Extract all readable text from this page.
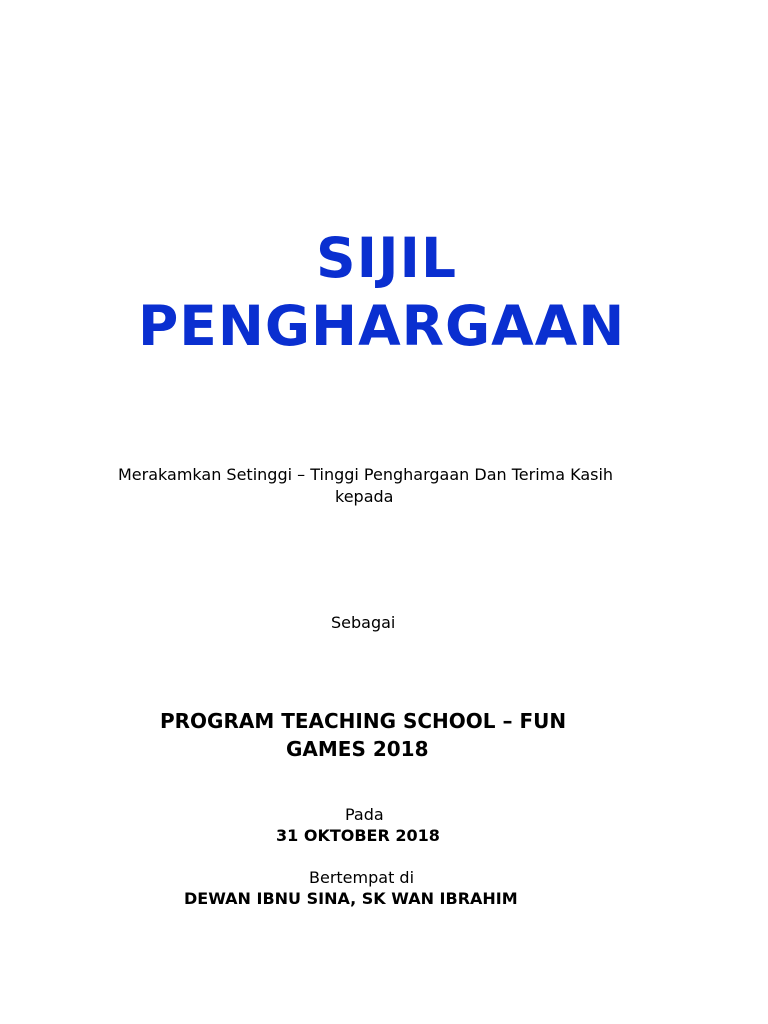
SIJIL
PENGHARGAAN
Merakamkan Setinggi – Tinggi Penghargaan Dan Terima Kasih
kepada
Sebagai
PROGRAM TEACHING SCHOOL – FUN
GAMES 2018
Pada
31 OKTOBER 2018
Bertempat di
DEWAN IBNU SINA, SK WAN IBRAHIM
